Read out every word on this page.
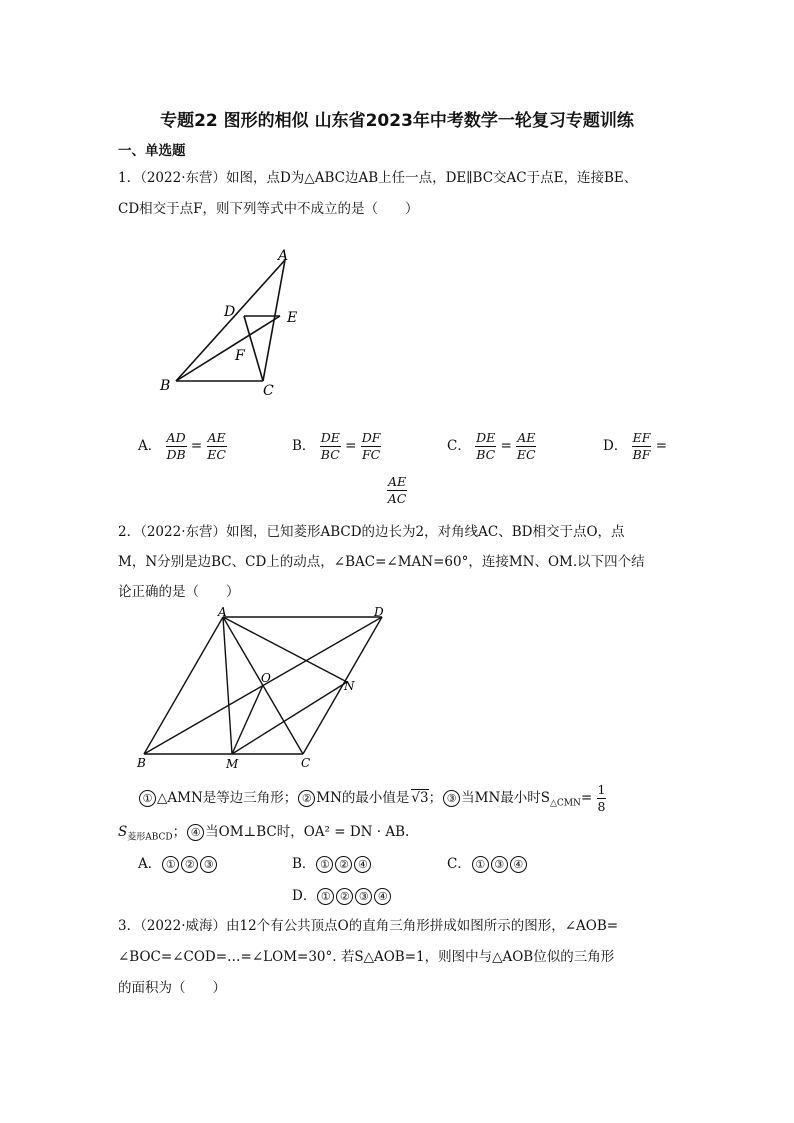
专题22 图形的相似 山东省2023年中考数学一轮复习专题训练
一、单选题
1．（2022·东营）如图，点D为△ABC边AB上任一点，DE∥BC交AC于点E，连接BE、
CD相交于点F，则下列等式中不成立的是（　　）
A
D	E
F
B	C
A． $\frac{AD}{DB} = \frac{AE}{EC}$	B． $\frac{DE}{BC} = \frac{DF}{FC}$	C． $\frac{DE}{BC} = \frac{AE}{EC}$	D． $\frac{EF}{BF}$ =
$\frac{AE}{AC}$
2．（2022·东营）如图，已知菱形ABCD的边长为2，对角线AC、BD相交于点O，点
M，N分别是边BC、CD上的动点，∠BAC=∠MAN=60°，连接MN、OM.以下四个结
论正确的是（　　）
A	D
O
N
B	M	C
① △AMN是等边三角形； ② MN的最小值是 √3； ③ 当MN最小时$S_{\triangle CMN}= \frac{1}{8}$
$S_{菱形ABCD}$； ④ 当OM⊥BC时，OA² = DN · AB.
A． ① ② ③	B． ① ② ④	C． ① ③ ④
D． ① ② ③ ④
3．（2022·威海）由12个有公共顶点O的直角三角形拼成如图所示的图形，∠AOB=
∠BOC=∠COD=…=∠LOM=30°. 若S△AOB=1，则图中与△AOB位似的三角形
的面积为（　　）
